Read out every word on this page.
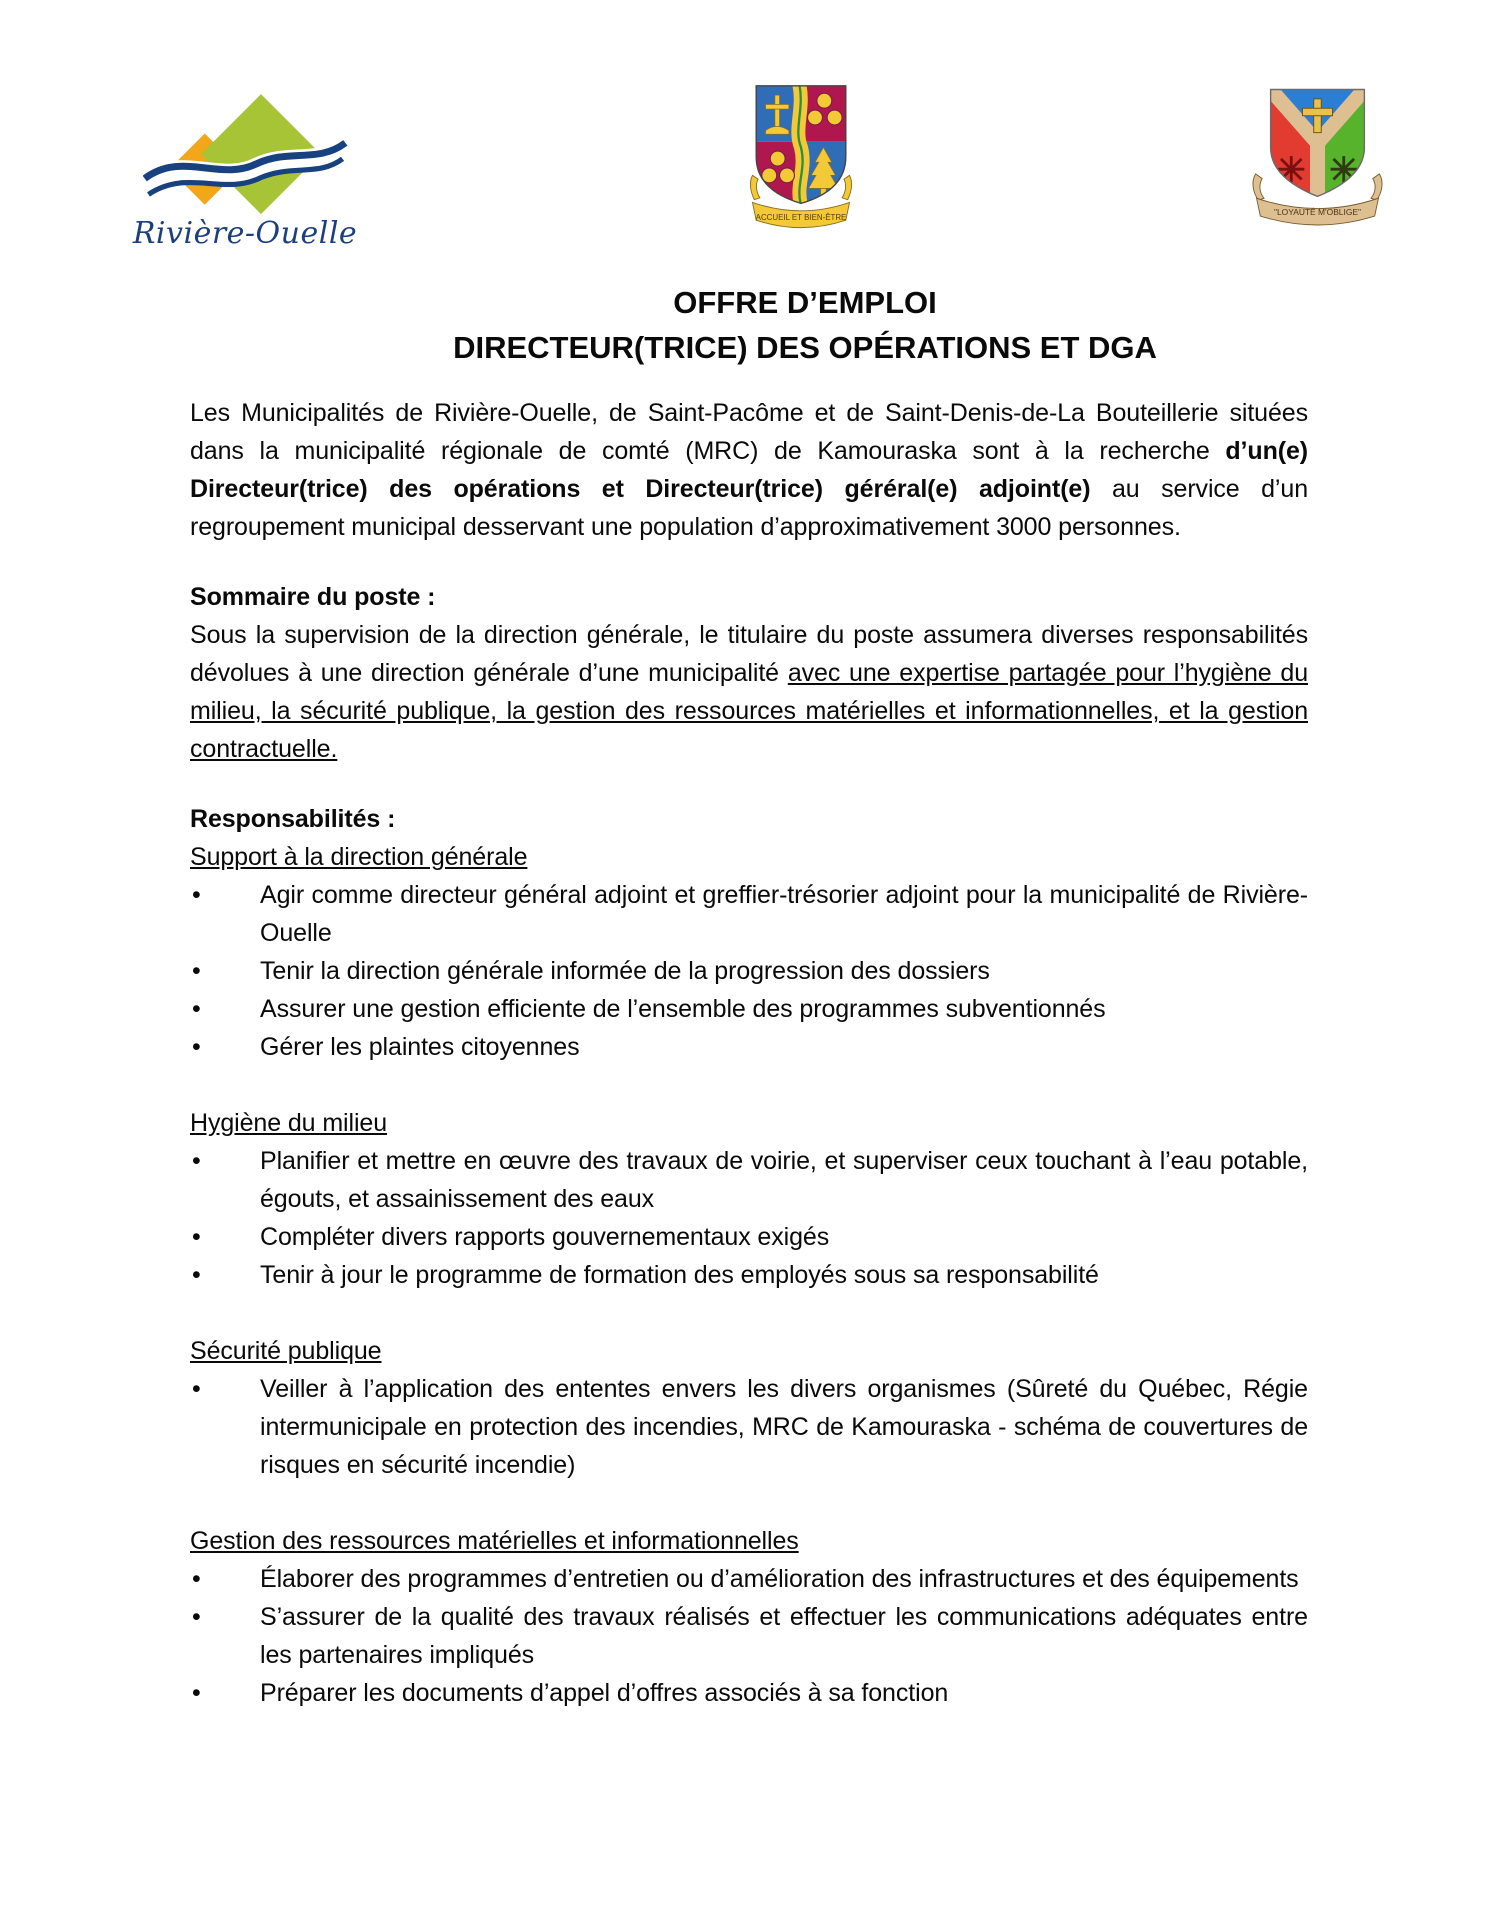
Rivière-Ouelle	ACCUEIL ET BIEN-ÊTRE
"LOYAUTÉ M'OBLIGE"
OFFRE D’EMPLOI
DIRECTEUR(TRICE) DES OPÉRATIONS ET DGA

Les Municipalités de Rivière-Ouelle, de Saint-Pacôme et de Saint-Denis-de-La Bouteillerie situées dans la municipalité régionale de comté (MRC) de Kamouraska sont à la recherche d’un(e) Directeur(trice) des opérations et Directeur(trice) géréral(e) adjoint(e) au service d’un regroupement municipal desservant une population d’approximativement 3000 personnes.

Sommaire du poste :

Sous la supervision de la direction générale, le titulaire du poste assumera diverses responsabilités dévolues à une direction générale d’une municipalité avec une expertise partagée pour l’hygiène du milieu, la sécurité publique, la gestion des ressources matérielles et informationnelles, et la gestion contractuelle.

Responsabilités :

Support à la direction générale

• Agir comme directeur général adjoint et greffier-trésorier adjoint pour la municipalité de Rivière-Ouelle
• Tenir la direction générale informée de la progression des dossiers
• Assurer une gestion efficiente de l’ensemble des programmes subventionnés
• Gérer les plaintes citoyennes

Hygiène du milieu

• Planifier et mettre en œuvre des travaux de voirie, et superviser ceux touchant à l’eau potable, égouts, et assainissement des eaux
• Compléter divers rapports gouvernementaux exigés
• Tenir à jour le programme de formation des employés sous sa responsabilité

Sécurité publique

• Veiller à l’application des ententes envers les divers organismes (Sûreté du Québec, Régie intermunicipale en protection des incendies, MRC de Kamouraska - schéma de couvertures de risques en sécurité incendie)

Gestion des ressources matérielles et informationnelles

• Élaborer des programmes d’entretien ou d’amélioration des infrastructures et des équipements
• S’assurer de la qualité des travaux réalisés et effectuer les communications adéquates entre les partenaires impliqués
• Préparer les documents d’appel d’offres associés à sa fonction
